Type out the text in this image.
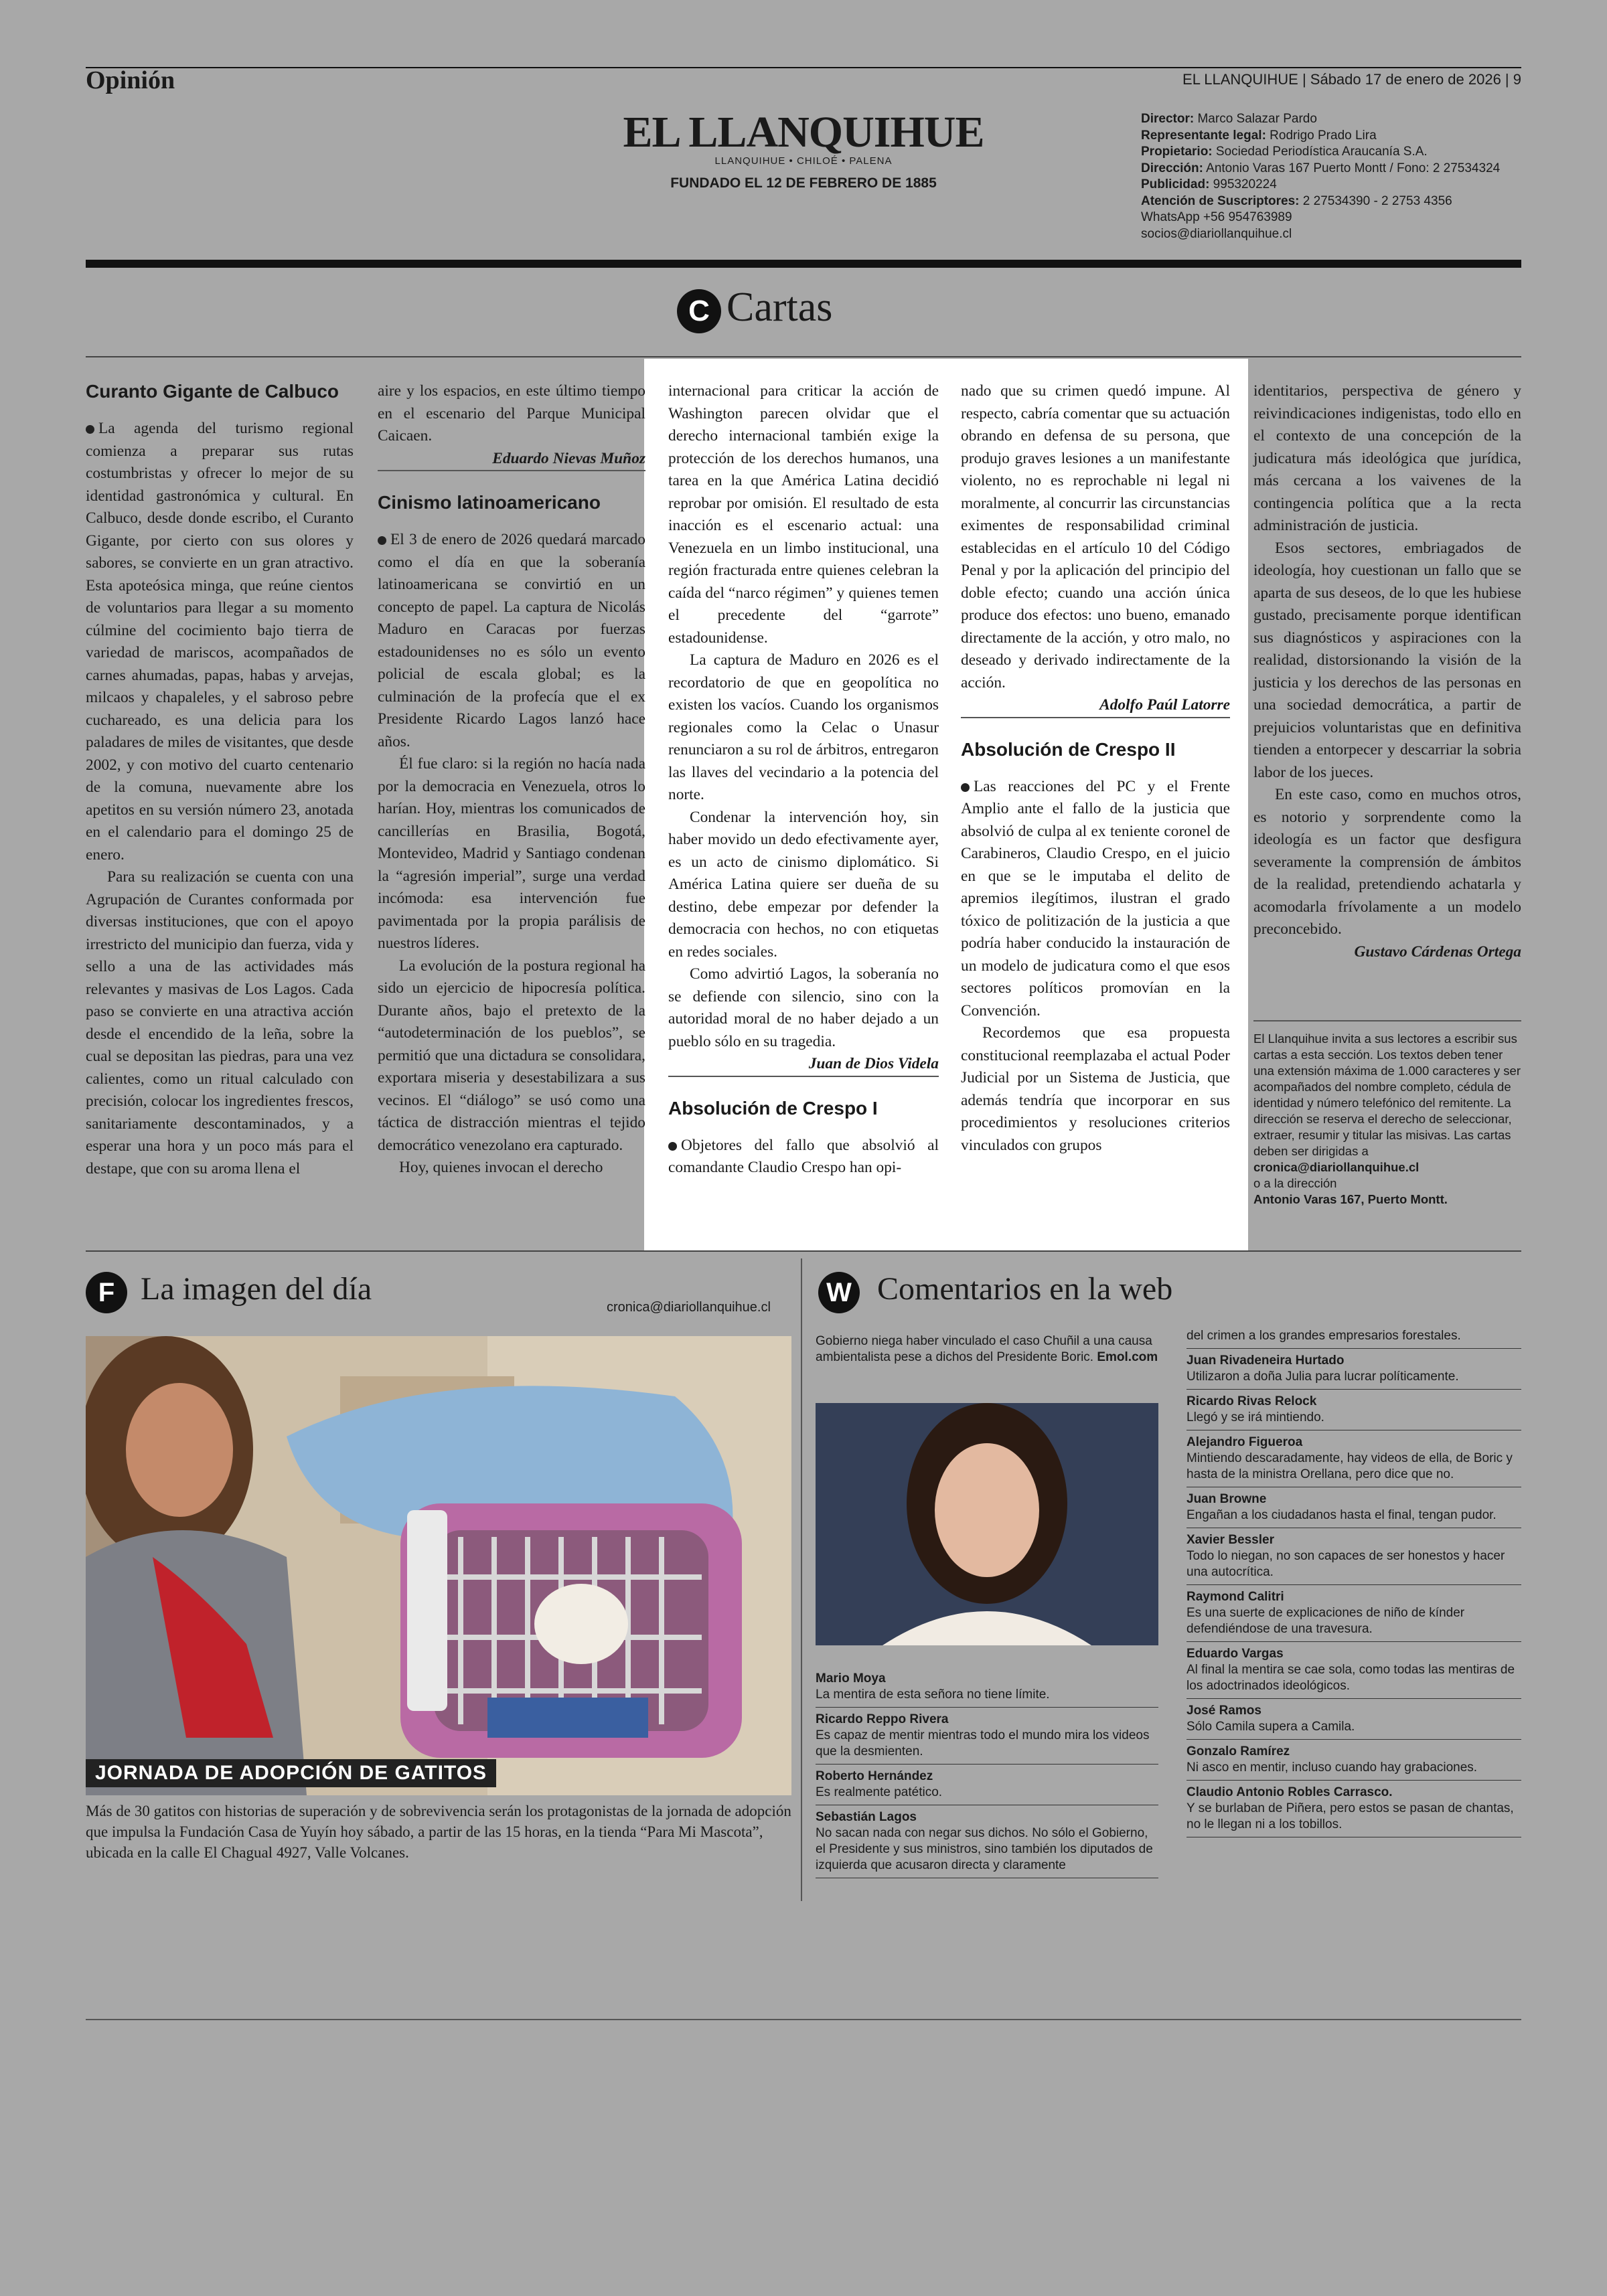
Opinión	EL LLANQUIHUE | Sábado 17 de enero de 2026 | 9
EL LLANQUIHUE
LLANQUIHUE • CHILOÉ • PALENA
FUNDADO EL 12 DE FEBRERO DE 1885
Director: Marco Salazar Pardo
Representante legal: Rodrigo Prado Lira
Propietario: Sociedad Periodística Araucanía S.A.
Dirección: Antonio Varas 167 Puerto Montt / Fono: 2 27534324
Publicidad: 995320224
Atención de Suscriptores: 2 27534390 - 2 2753 4356
WhatsApp +56 954763989
socios@diariollanquihue.cl
C Cartas
Curanto Gigante de Calbuco

La agenda del turismo regional comienza a preparar sus rutas costumbristas y ofrecer lo mejor de su identidad gastronómica y cultural. En Calbuco, desde donde escribo, el Curanto Gigante, por cierto con sus olores y sabores, se convierte en un gran atractivo. Esta apoteósica minga, que reúne cientos de voluntarios para llegar a su momento cúlmine del cocimiento bajo tierra de variedad de mariscos, acompañados de carnes ahumadas, papas, habas y arvejas, milcaos y chapaleles, y el sabroso pebre cuchareado, es una delicia para los paladares de miles de visitantes, que desde 2002, y con motivo del cuarto centenario de la comuna, nuevamente abre los apetitos en su versión número 23, anotada en el calendario para el domingo 25 de enero.

Para su realización se cuenta con una Agrupación de Curantes conformada por diversas instituciones, que con el apoyo irrestricto del municipio dan fuerza, vida y sello a una de las actividades más relevantes y masivas de Los Lagos. Cada paso se convierte en una atractiva acción desde el encendido de la leña, sobre la cual se depositan las piedras, para una vez calientes, como un ritual calculado con precisión, colocar los ingredientes frescos, sanitariamente descontaminados, y a esperar una hora y un poco más para el destape, que con su aroma llena el

aire y los espacios, en este último tiempo en el escenario del Parque Municipal Caicaen.

Eduardo Nievas Muñoz

Cinismo latinoamericano

El 3 de enero de 2026 quedará marcado como el día en que la soberanía latinoamericana se convirtió en un concepto de papel. La captura de Nicolás Maduro en Caracas por fuerzas estadounidenses no es sólo un evento policial de escala global; es la culminación de la profecía que el ex Presidente Ricardo Lagos lanzó hace años.

Él fue claro: si la región no hacía nada por la democracia en Venezuela, otros lo harían. Hoy, mientras los comunicados de cancillerías en Brasilia, Bogotá, Montevideo, Madrid y Santiago condenan la “agresión imperial”, surge una verdad incómoda: esa intervención fue pavimentada por la propia parálisis de nuestros líderes.

La evolución de la postura regional ha sido un ejercicio de hipocresía política. Durante años, bajo el pretexto de la “autodeterminación de los pueblos”, se permitió que una dictadura se consolidara, exportara miseria y desestabilizara a sus vecinos. El “diálogo” se usó como una táctica de distracción mientras el tejido democrático venezolano era capturado.

Hoy, quienes invocan el derecho

internacional para criticar la acción de Washington parecen olvidar que el derecho internacional también exige la protección de los derechos humanos, una tarea en la que América Latina decidió reprobar por omisión. El resultado de esta inacción es el escenario actual: una Venezuela en un limbo institucional, una región fracturada entre quienes celebran la caída del “narco régimen” y quienes temen el precedente del “garrote” estadounidense.

La captura de Maduro en 2026 es el recordatorio de que en geopolítica no existen los vacíos. Cuando los organismos regionales como la Celac o Unasur renunciaron a su rol de árbitros, entregaron las llaves del vecindario a la potencia del norte.

Condenar la intervención hoy, sin haber movido un dedo efectivamente ayer, es un acto de cinismo diplomático. Si América Latina quiere ser dueña de su destino, debe empezar por defender la democracia con hechos, no con etiquetas en redes sociales.

Como advirtió Lagos, la soberanía no se defiende con silencio, sino con la autoridad moral de no haber dejado a un pueblo sólo en su tragedia.

Juan de Dios Videla

Absolución de Crespo I

Objetores del fallo que absolvió al comandante Claudio Crespo han opi-

nado que su crimen quedó impune. Al respecto, cabría comentar que su actuación obrando en defensa de su persona, que produjo graves lesiones a un manifestante violento, no es reprochable ni legal ni moralmente, al concurrir las circunstancias eximentes de responsabilidad criminal establecidas en el artículo 10 del Código Penal y por la aplicación del principio del doble efecto; cuando una acción única produce dos efectos: uno bueno, emanado directamente de la acción, y otro malo, no deseado y derivado indirectamente de la acción.

Adolfo Paúl Latorre

Absolución de Crespo II

Las reacciones del PC y el Frente Amplio ante el fallo de la justicia que absolvió de culpa al ex teniente coronel de Carabineros, Claudio Crespo, en el juicio en que se le imputaba el delito de apremios ilegítimos, ilustran el grado tóxico de politización de la justicia a que podría haber conducido la instauración de un modelo de judicatura como el que esos sectores políticos promovían en la Convención.

Recordemos que esa propuesta constitucional reemplazaba el actual Poder Judicial por un Sistema de Justicia, que además tendría que incorporar en sus procedimientos y resoluciones criterios vinculados con grupos

identitarios, perspectiva de género y reivindicaciones indigenistas, todo ello en el contexto de una concepción de la judicatura más ideológica que jurídica, más cercana a los vaivenes de la contingencia política que a la recta administración de justicia.

Esos sectores, embriagados de ideología, hoy cuestionan un fallo que se aparta de sus deseos, de lo que les hubiese gustado, precisamente porque identifican sus diagnósticos y aspiraciones con la realidad, distorsionando la visión de la justicia y los derechos de las personas en una sociedad democrática, a partir de prejuicios voluntaristas que en definitiva tienden a entorpecer y descarriar la sobria labor de los jueces.

En este caso, como en muchos otros, es notorio y sorprendente como la ideología es un factor que desfigura severamente la comprensión de ámbitos de la realidad, pretendiendo achatarla y acomodarla frívolamente a un modelo preconcebido.

Gustavo Cárdenas Ortega

El Llanquihue invita a sus lectores a escribir sus cartas a esta sección. Los textos deben tener una extensión máxima de 1.000 caracteres y ser acompañados del nombre completo, cédula de identidad y número telefónico del remitente. La dirección se reserva el derecho de seleccionar, extraer, resumir y titular las misivas. Las cartas deben ser dirigidas a
cronica@diariollanquihue.cl
o a la dirección
Antonio Varas 167, Puerto Montt.
F La imagen del día
cronica@diariollanquihue.cl
JORNADA DE ADOPCIÓN DE GATITOS
Más de 30 gatitos con historias de superación y de sobrevivencia serán los protagonistas de la jornada de adopción que impulsa la Fundación Casa de Yuyín hoy sábado, a partir de las 15 horas, en la tienda “Para Mi Mascota”, ubicada en la calle El Chagual 4927, Valle Volcanes.
W Comentarios en la web
Gobierno niega haber vinculado el caso Chuñil a una causa ambientalista pese a dichos del Presidente Boric. Emol.com
Mario Moya
La mentira de esta señora no tiene límite.
Ricardo Reppo Rivera
Es capaz de mentir mientras todo el mundo mira los videos que la desmienten.
Roberto Hernández
Es realmente patético.
Sebastián Lagos
No sacan nada con negar sus dichos. No sólo el Gobierno, el Presidente y sus ministros, sino también los diputados de izquierda que acusaron directa y claramente
del crimen a los grandes empresarios forestales.
Juan Rivadeneira Hurtado
Utilizaron a doña Julia para lucrar políticamente.
Ricardo Rivas Relock
Llegó y se irá mintiendo.
Alejandro Figueroa
Mintiendo descaradamente, hay videos de ella, de Boric y hasta de la ministra Orellana, pero dice que no.
Juan Browne
Engañan a los ciudadanos hasta el final, tengan pudor.
Xavier Bessler
Todo lo niegan, no son capaces de ser honestos y hacer una autocrítica.
Raymond Calitri
Es una suerte de explicaciones de niño de kínder defendiéndose de una travesura.
Eduardo Vargas
Al final la mentira se cae sola, como todas las mentiras de los adoctrinados ideológicos.
José Ramos
Sólo Camila supera a Camila.
Gonzalo Ramírez
Ni asco en mentir, incluso cuando hay grabaciones.
Claudio Antonio Robles Carrasco.
Y se burlaban de Piñera, pero estos se pasan de chantas, no le llegan ni a los tobillos.
